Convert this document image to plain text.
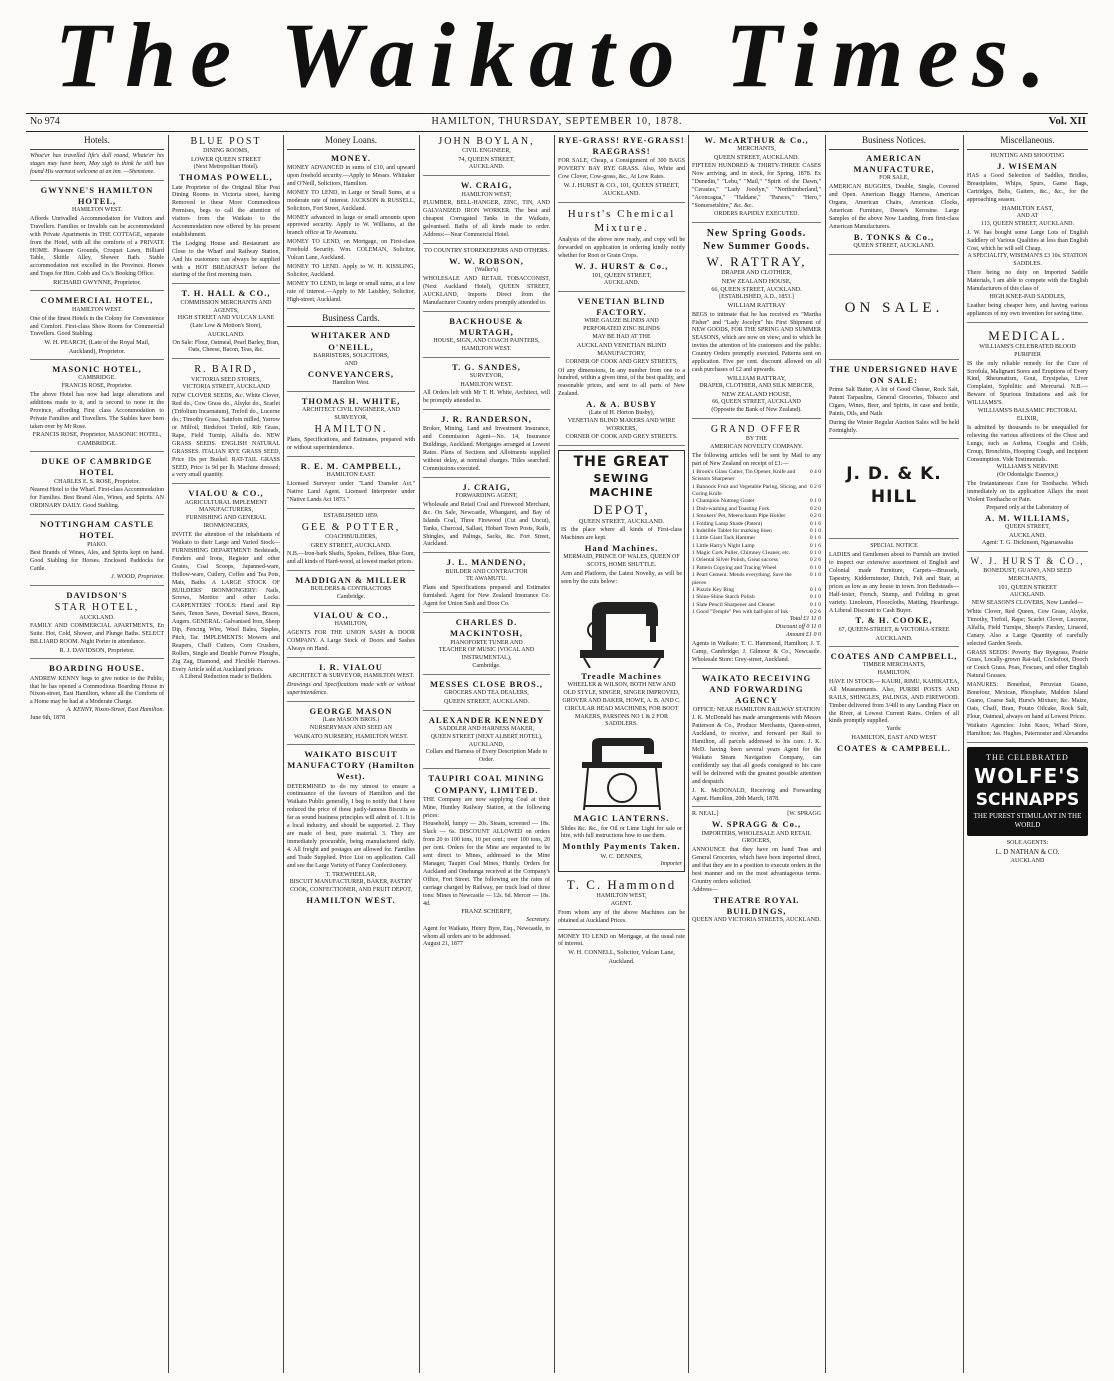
The Waikato Times.
No 974	HAMILTON, THURSDAY, SEPTEMBER 10, 1878.	Vol. XII
Hotels.

Whoe'er has travelled life's dull round, Whate'er his stages may have been, May sigh to think he still has found His warmest welcome at an inn. —Shenstone.

GWYNNE'S HAMILTON HOTEL,
HAMILTON WEST.

Affords Unrivalled Accommodation for Visitors and Travellers. Families or Invalids can be accommodated with Private Apartments in THE COTTAGE, separate from the Hotel, with all the comforts of a PRIVATE HOME. Pleasure Grounds, Croquet Lawn, Billiard Table, Skittle Alley, Shower Bath. Stable accommodation not excelled in the Province. Horses and Traps for Hire. Cobb and Co.'s Booking Office.

RICHARD GWYNNE, Proprietor.
COMMERCIAL HOTEL,
HAMILTON WEST.

One of the finest Hotels in the Colony for Convenience and Comfort. First-class Show Room for Commercial Travellers. Good Stabling.

W. H. PEARCH, (Late of the Royal Mail, Auckland), Proprietor.
MASONIC HOTEL,
CAMBRIDGE.
FRANCIS ROSE, Proprietor.

The above Hotel has now had large alterations and additions made to it, and is second to none in the Province, affording First class Accommodation to Private Families and Travellers. The Stables have been taken over by Mr Rose.

FRANCIS ROSE, Proprietor, MASONIC HOTEL, CAMBRIDGE.
DUKE OF CAMBRIDGE HOTEL
CHARLES E. S. ROSE, Proprietor.

Nearest Hotel to the Wharf. First-class Accommodation for Families. Best Brand Ales, Wines, and Spirits. AN ORDINARY DAILY. Good Stabling.

NOTTINGHAM CASTLE HOTEL
PIAKO.

Best Brands of Wines, Ales, and Spirits kept on hand. Good Stabling for Horses. Enclosed Paddocks for Cattle.

J. WOOD, Proprietor.
DAVIDSON'S
STAR HOTEL,
AUCKLAND.

FAMILY AND COMMERCIAL APARTMENTS, En Suite. Hot, Cold, Shower, and Plunge Baths. SELECT BILLIARD ROOM. Night Porter in attendance.

R. J. DAVIDSON, Proprietor.
BOARDING HOUSE.

ANDREW KENNY begs to give notice to the Public, that he has opened a Commodious Boarding House in Nixon-street, East Hamilton, where all the Comforts of a Home may be had at a Moderate Charge.

A. KENNY, Nixon-Street, East Hamilton.
June 6th, 1878
BLUE POST
DINING ROOMS,
LOWER QUEEN STREET
(Next Metropolitan Hotel).
THOMAS POWELL,

Late Proprietor of the Original Blue Post Dining Rooms in Victoria street, having Removed to these More Commodious Premises, begs to call the attention of visitors from the Waikato to the Accommodation now offered by his present establishment.

The Lodging House and Restaurant are Close to the Wharf and Railway Station, And his customers can always be supplied with a HOT BREAKFAST before the starting of the first morning train.

T. H. HALL & CO.,
COMMISSION MERCHANTS AND AGENTS,
HIGH STREET AND VULCAN LANE (Late Low & Motion's Store),
AUCKLAND.
On Sale: Flour, Oatmeal, Pearl Barley, Bran, Oats, Cheese, Bacon, Teas, &c.
R. BAIRD,
VICTORIA SEED STORES,
VICTORIA STREET, AUCKLAND

NEW CLOVER SEEDS, &c. White Clover, Red do., Cow Grass do., Alsyke do., Scarlet (Trifolium Incarnatum), Trefoil do., Lucerne do.; Timothy Grass, Sainfoin milled, Yarrow or Milfoil, Birdsfoot Trefoil, Rib Grass, Rape, Field Turnip, Alfalfa do. NEW GRASS SEEDS. ENGLISH NATURAL GRASSES. ITALIAN RYE GRASS SEED, Price 10s per Bushel. RAT-TAIL GRASS SEED, Price 1s 9d per lb. Machine dressed; a very small quantity.

VIALOU & CO.,
AGRICULTURAL IMPLEMENT MANUFACTURERS,
FURNISHING AND GENERAL IRONMONGERS,

INVITE the attention of the inhabitants of Waikato to their Large and Varied Stock— FURNISHING DEPARTMENT: Bedsteads, Fenders and Irons, Register and other Grates, Coal Scoops, Japanned-ware, Hollow-ware, Cutlery, Coffee and Tea Pots, Mats, Baths. A LARGE STOCK OF BUILDERS' IRONMONGERY: Nails, Screws, Mortice and other Locks. CARPENTERS' TOOLS: Hand and Rip Saws, Tenon Saws, Dovetail Saws, Braces, Augers. GENERAL: Galvanised Iron, Sheep Dip, Fencing Wire, Wool Bales, Staples, Pitch, Tar. IMPLEMENTS: Mowers and Reapers, Chaff Cutters, Corn Crushers, Rollers, Single and Double Furrow Ploughs, Zig Zag, Diamond, and Flexible Harrows. Every Article sold at Auckland prices.

A Liberal Reduction made to Builders.
Money Loans.
MONEY.

MONEY ADVANCED in sums of £10, and upward upon freehold security.—Apply to Messrs. Whitaker and O'Neill, Solicitors, Hamilton.

MONEY TO LEND, in Large or Small Sums, at a moderate rate of interest. JACKSON & RUSSELL, Solicitors, Fort Street, Auckland.

MONEY advanced in large or small amounts upon approved security. Apply to W. Williams, at the branch office at Te Awamutu.

MONEY TO LEND, on Mortgage, on First-class Freehold Security. Wm. COLEMAN, Solicitor, Vulcan Lane, Auckland.

MONEY TO LEND. Apply to W. H. KISSLING, Solicitor, Auckland.

MONEY TO LEND, in large or small sums, at a low rate of interest.—Apply to Mr Laishley, Solicitor, High-street, Auckland.

Business Cards.
WHITAKER AND O'NEILL,
BARRISTERS, SOLICITORS,
AND
CONVEYANCERS,
Hamilton West.
THOMAS H. WHITE,
ARCHITECT CIVIL ENGINEER, AND SURVEYOR,
HAMILTON.

Plans, Specifications, and Estimates, prepared with or without superintendence.

R. E. M. CAMPBELL,
HAMILTON EAST.

Licensed Surveyor under "Land Transfer Act." Native Land Agent. Licensed Interpreter under "Native Lands Act 1873."

ESTABLISHED 1859.
GEE & POTTER,
COACHBUILDERS,
GREY STREET, AUCKLAND.

N.B.—Iron-bark Shafts, Spokes, Felloes, Blue Gum, and all kinds of Hard-wood, at lowest market prices.

MADDIGAN & MILLER
BUILDERS & CONTRACTORS
Cambridge.
VIALOU & CO.,
HAMILTON,

AGENTS FOR THE UNION SASH & DOOR COMPANY. A Large Stock of Doors and Sashes Always on Hand.

I. R. VIALOU
ARCHITECT & SURVEYOR, HAMILTON WEST.

Drawings and Specifications made with or without superintendence.

GEORGE MASON
(Late MASON BROS.)
NURSERYMAN AND SEED AN
WAIKATO NURSERY, HAMILTON WEST.
WAIKATO BISCUIT MANUFACTORY (Hamilton West).

DETERMINED to do my utmost to ensure a continuance of the favours of Hamilton and the Waikato Public generally, I beg to notify that I have reduced the price of these justly-famous Biscuits as far as sound business principles will admit of. 1. It is a local industry, and should be supported. 2. They are made of best, pure material. 3. They are immediately procurable, being manufactured daily. 4. All freight and postages are allowed for. Families and Trade Supplied. Price List on application. Call and see the Large Variety of Fancy Confectionery.

T. TREWHEELAR,
BISCUIT MANUFACTURER, BAKER, PASTRY COOK, CONFECTIONER, AND FRUIT DEPOT,
HAMILTON WEST.
JOHN BOYLAN,
CIVIL ENGINEER,
74, QUEEN STREET,
AUCKLAND.
W. CRAIG,
HAMILTON WEST,

PLUMBER, BELL-HANGER, ZINC, TIN, AND GALVANIZED IRON WORKER. The best and cheapest Corrugated Tanks in the Waikato, galvanised. Baths of all kinds made to order. Address:—Near Commercial Hotel.

TO COUNTRY STOREKEEPERS AND OTHERS.
W. W. ROBSON,
(Waller's)

WHOLESALE AND RETAIL TOBACCONIST, (Next Auckland Hotel), QUEEN STREET, AUCKLAND, Imports Direct from the Manufacturer Country orders promptly attended to.

BACKHOUSE & MURTAGH,
HOUSE, SIGN, AND COACH PAINTERS,
HAMILTON WEST.
T. G. SANDES,
SURVEYOR,
HAMILTON WEST.

All Orders left with Mr T. H. White, Architect, will be promptly attended to.

J. R. RANDERSON,

Broker, Mining, Land and Investment Insurance, and Commission Agent—No. 14, Insurance Buildings, Auckland. Mortgages arranged at Lowest Rates. Plans of Sections and Allotments supplied without delay, at nominal charges. Titles searched. Commissions executed.

J. CRAIG,
FORWARDING AGENT,

Wholesale and Retail Coal and Firewood Merchant, &c. On Sale, Newcastle, Whangarei, and Bay of Islands Coal, Three Firewood (Cut and Uncut), Tanks, Charcoal, Sallast, Hobart Town Posts, Rails, Shingles, and Palings, Sacks, &c. Fort Street, Auckland.

J. L. MANDENO,
BUILDER AND CONTRACTOR
TE AWAMUTU.

Plans and Specifications prepared and Estimates furnished. Agent for New Zealand Insurance Co. Agent for Union Sash and Door Co.

CHARLES D. MACKINTOSH,
PIANOFORTE TUNER AND
TEACHER OF MUSIC (VOCAL AND INSTRUMENTAL),
Cambridge.
MESSES CLOSE BROS.,
GROCERS AND TEA DEALERS,
QUEEN STREET, AUCKLAND.
ALEXANDER KENNEDY
SADDLER AND HARNESS MAKER,
QUEEN STREET (NEXT ALBERT HOTEL), AUCKLAND,
Collars and Harness of Every Description Made to Order.
TAUPIRI COAL MINING COMPANY, LIMITED.

THE Company are now supplying Coal at their Mine, Huntley Railway Station, at the following prices:

Household, lumpy — 20s. Steam, screened — 18s. Slack — 6s. DISCOUNT ALLOWED on orders from 20 to 100 tons, 10 per cent.; over 100 tons, 20 per cent. Orders for the Mine are requested to be sent direct to Mines, addressed to the Mine Manager, Taupiri Coal Mines, Huntly. Orders for Auckland and Onehunga received at the Company's Office, Fort Street. The following are the rates of carriage charged by Railway, per truck load of three tons: Mines to Newcastle — 12s. 6d. Mercer — 18s. 4d.

FRANZ SCHERFF,
Secretary.

Agent for Waikato, Henry Byre, Esq., Newcastle, to whom all orders are to be addressed.

August 21, 1877
RYE-GRASS! RYE-GRASS! RAEGRASS!

FOR SALE, Cheap, a Consignment of 300 BAGS POVERTY BAY RYE GRASS. Also, White and Cow Clover, Cow-grass, &c., At Low Rates.

W. J. HURST & CO., 101, QUEEN STREET, AUCKLAND.
Hurst's Chemical Mixture.

Analysis of the above now ready, and copy will be forwarded on application in ordering kindly notify whether for Root or Grain Crops.

W. J. HURST & Co.,
101, QUEEN STREET,
AUCKLAND.
VENETIAN BLIND FACTORY.
WIRE GAUZE BLINDS AND
PERFORATED ZINC BLINDS
MAY BE HAD AT THE
AUCKLAND VENETIAN BLIND MANUFACTORY,
CORNER OF COOK AND GREY STREETS,

Of any dimensions, In any number from one to a hundred, within a given time, of the best quality, and reasonable prices, and sent to all parts of New Zealand.

A. & A. BUSBY
(Late of H. Horton Busby),
VENETIAN BLIND MAKERS AND WIRE WORKERS,
CORNER OF COOK AND GREY STREETS.
THE GREAT
SEWING MACHINE
DEPOT,
QUEEN STREET, AUCKLAND.

IS the place where all kinds of First-class Machines are kept.

Hand Machines.
MERMAID, PRINCE OF WALES, QUEEN OF SCOTS, HOME SHUTTLE.

Arm and Platform, the Latest Novelty, as will be seen by the cuts below:

Treadle Machines
WHEELER & WILSON, BOTH NEW AND OLD STYLE, SINGER, SINGER IMPROVED, GROVER AND BAKER, HOWE, A. B. AND C. CIRCULAR HEAD MACHINES, FOR BOOT MAKERS, PARSONS NO 1 & 2 FOR SADDLERS.
MAGIC LANTERNS.

Slides &c. &c., for Oil or Lime Light for sale or hire, with full instructions how to use them.

Monthly Payments Taken.
W. C. DENNES,
Importer
T. C. Hammond
HAMILTON WEST,
AGENT.

From whom any of the above Machines can be obtained at Auckland Prices.

MONEY TO LEND on Mortgage, at the usual rate of interest.

W. H. CONNELL, Solicitor, Vulcan Lane, Auckland.
W. McARTHUR & Co.,
MERCHANTS,
QUEEN STREET, AUCKLAND.

FIFTEEN HUNDRED & THIRTY-THREE CASES Now arriving, and in stock, for Spring, 1878. Ex "Dunedin," "Lebu," "Mail," "Spirit of the Dawn," "Cerastes," "Lady Jocelyn," "Northumberland," "Aconcagua," "Haldane," "Parsees," "Hero," "Somersetshire," &c. &c.

ORDERS RAPIDLY EXECUTED.
New Spring Goods.
New Summer Goods.
W. RATTRAY,
DRAPER AND CLOTHIER,
NEW ZEALAND HOUSE,
66, QUEEN STREET, AUCKLAND.
[ESTABLISHED, A.D., 1853.]
WILLIAM RATTRAY

BEGS to intimate that he has received ex "Martha Fisher" and "Lady Jocelyn" his First Shipment of NEW GOODS, FOR THE SPRING AND SUMMER SEASONS, which are now on view; and to which he invites the attention of his customers and the public. Country Orders promptly executed. Patterns sent on application. Five per cent. discount allowed on all cash purchases of £2 and upwards.

WILLIAM RATTRAY,
DRAPER, CLOTHIER, AND SILK MERCER,
NEW ZEALAND HOUSE,
66, QUEEN STREET, AUCKLAND
(Opposite the Bank of New Zealand).
GRAND OFFER
BY THE
AMERICAN NOVELTY COMPANY.

The following articles will be sent by Mail to any part of New Zealand on receipt of £1:—

1 Brook's Glass Cutter, Tin Opener, Knife and Scissors Sharpener
0 4 0
1 Bannock Fruit and Vegetable Paring, Slicing, and Coring Knife
0 2 6
1 Champion Nutmeg Grater	0 1 0
1 Dish-washing and Toasting Fork	0 2 0
1 Smokers' Pet, Meerschaum Pipe Holder	0 2 0
1 Folding Lamp Shade (Patent)	0 1 6
1 Indelible Tablet for marking linen	0 1 0
1 Little Giant Tack Hammer	0 1 6
1 Little Harry's Night Lamp	0 1 6
1 Magic Cork Puller, Chimney Cleaner, etc.	0 1 0
1 Oriental Silver Polish, Great success	0 2 6
1 Pattern Copying and Tracing Wheel	0 1 0
1 Pearl Cement. Mends everything. Save the pieces
0 1 0
1 Puzzle Key Ring	0 1 0
1 Shine-Shine Starch Polish	0 1 0
1 Slate Pencil Sharpener and Cleaner	0 1 0
1 Good "Temple" Pen with half-pint of Ink	0 2 6
Total £1 11 0
Discount off 0 11 0
Amount £1 0 0

Agents in Waikato: T. C. Hammond, Hamilton; J. T. Camp, Cambridge; J. Gilmour & Co., Newcastle. Wholesale Store: Grey-street, Auckland.

WAIKATO RECEIVING AND FORWARDING AGENCY
OFFICE: NEAR HAMILTON RAILWAY STATION

J. K. McDonald has made arrangements with Messrs Patterson & Co., Produce Merchants, Queen-street, Auckland, to receive, and forward per Rail to Hamilton, all parcels addressed to his care. J. K. McD. having been several years Agent for the Waikato Steam Navigation Company, can confidently say that all goods consigned to his care will be delivered with the greatest possible attention and despatch.

J. K. McDONALD, Receiving and Forwarding Agent. Hamilton, 20th March, 1878.

R. NEAL.]	[W. SPRAGG
W. SPRAGG & Co.,
IMPORTERS, WHOLESALE AND RETAIL GROCERS,

ANNOUNCE that they have on hand Teas and General Groceries, which have been imported direct, and that they are in a position to execute orders in the best manner and on the most advantageous terms. Country orders solicited.

Address—
THEATRE ROYAL BUILDINGS,
QUEEN AND VICTORIA STREETS, AUCKLAND.
Business Notices.
AMERICAN MANUFACTURE,
FOR SALE,

AMERICAN BUGGIES, Double, Single, Covered and Open. American Buggy Harness, American Organs, American Chairs, American Clocks, American Furniture, Deese's Kerosine. Large Samples of the above Now Landing, from first-class American Manufacturers.

B. TONKS & Co.,
QUEEN STREET, AUCKLAND.
ON SALE.
THE UNDERSIGNED HAVE ON SALE:

Prime Salt Butter, A lot of Good Cheese, Rock Salt, Patent Tarpaulins, General Groceries, Tobacco and Cigars, Wines, Beer, and Spirits, in case and bottle, Paints, Oils, and Nails

During the Winter Regular Auction Sales will be held Fortnightly.

J. D. & K. HILL
SPECIAL NOTICE

LADIES and Gentlemen about to Furnish are invited to inspect our extensive assortment of English and Colonial made Furniture, Carpets—Brussels, Tapestry, Kidderminster, Dutch, Felt and Stair, at prices as low as any house in town. Iron Bedsteads—Half-tester, French, Stump, and Folding in great variety. Linoleum, Floorcloths, Matting, Hearthrugs. A Liberal Discount to Cash Buyer.

T. & H. COOKE,
67, QUEEN-STREET, & VICTORIA-STREE
AUCKLAND.
COATES AND CAMPBELL,
TIMBER MERCHANTS,
HAMILTON.

HAVE IN STOCK— KAURI, RIMU, KAHIKATEA, All Measurements. Also, PURIRI POSTS AND RAILS, SHINGLES, PALINGS, AND FIREWOOD. Timber delivered from 3/4ill to any Landing Place on the River, at Lowest Current Rates. Orders of all kinds promptly supplied.

Yards:
HAMILTON, EAST AND WEST
COATES & CAMPBELL.
Miscellaneous.
HUNTING AND SHOOTING
J. WISEMAN

HAS a Good Selection of Saddles, Bridles, Breastplates, Whips, Spurs, Game Bags, Cartridges, Belts, Gaiters, &c., &c., for the approaching season.

HAMILTON EAST,
AND AT
113, QUEEN STREET, AUCKLAND.

J. W. has bought some Large Lots of English Saddlery of Various Qualities at less than English Cost, which he will sell Cheap.

A SPECIALITY, WISEMAN'S £3 10s. STATION SADDLES.

There being no duty on Imported Saddle Materials, I am able to compete with the English Manufacturers of this class of

HIGH KNEE-PAD SADDLES,

Leather being cheaper here, and having various appliances of my own invention for saving time.

MEDICAL.
WILLIAMS'S CELEBRATED BLOOD PURIFIER

IS the only reliable remedy for the Cure of Scrofula, Malignant Sores and Eruptions of Every Kind, Rheumatism, Gout, Erysipelas, Liver Complaint, Syphilitic and Mercurial. N.B.—Beware of Spurious Imitations and ask for WILLIAMS'S.

WILLIAMS'S BALSAMIC PECTORAL ELIXIR,

Is admitted by thousands to be unequalled for relieving the various affections of the Chest and Lungs, such as Asthma, Coughs and Colds, Croup, Bronchitis, Hooping Cough, and Incipient Consumption. Vide Testimonials.

WILLIAMS'S NERVINE
(Or Odontalgic Essence,)

The Instantaneous Cure for Toothache. Which immediately on its application Allays the most Violent Toothache or Pain.

Prepared only at the Laboratory of
A. M. WILLIAMS,
QUEEN STREET,
AUCKLAND.
Agent: T. G. Dickinson, Ngaruawahia
W. J. HURST & CO.,
BONEDUST, GUANO, AND SEED MERCHANTS,
101, QUEEN STREET
AUCKLAND.
NEW SEASON'S CLOVERS, Now Landed—

White Clover, Red Queen, Cow Grass, Alsyke, Timothy, Trefoil, Rape; Scarlet Clover, Lucerne, Alfalfa, Field Turnips, Sheep's Parsley, Linseed, Canary. Also a Large Quantity of carefully selected Garden Seeds.

GRASS SEEDS: Poverty Bay Ryegrass, Prairie Grass, Locally-grown Rat-tail, Cocksfoot, Dooch or Couch Grass. Poas, Fescues, and other English Natural Grasses.

MANURES: Bonedust, Peruvian Guano, Bonefour, Mexican, Phosphate, Maldon Island Guano, Coarse Salt, Hurst's Mixture, &c. Maize, Oats, Chaff, Bran, Potato Oilcake, Rock Salt, Flour, Oatmeal, always on hand at Lowest Prices.

Waikato Agencies: John Knox, Wharf Store, Hamilton; Jas. Hughes, Paternoster and Alexandra

THE CELEBRATED
WOLFE'S
SCHNAPPS
THE PUREST STIMULANT IN THE WORLD
SOLE AGENTS:
L. D NATHAN & CO.
AUCKLAND
